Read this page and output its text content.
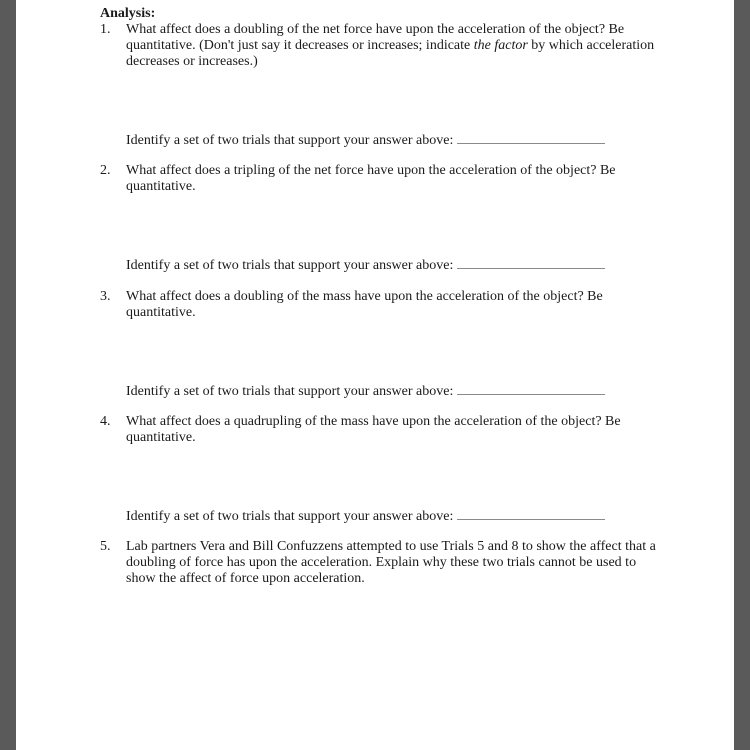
Analysis:
1. What affect does a doubling of the net force have upon the acceleration of the object? Be quantitative. (Don't just say it decreases or increases; indicate the factor by which acceleration decreases or increases.)
Identify a set of two trials that support your answer above:
2. What affect does a tripling of the net force have upon the acceleration of the object? Be quantitative.
Identify a set of two trials that support your answer above:
3. What affect does a doubling of the mass have upon the acceleration of the object? Be quantitative.
Identify a set of two trials that support your answer above:
4. What affect does a quadrupling of the mass have upon the acceleration of the object? Be quantitative.
Identify a set of two trials that support your answer above:
5. Lab partners Vera and Bill Confuzzens attempted to use Trials 5 and 8 to show the affect that a doubling of force has upon the acceleration. Explain why these two trials cannot be used to show the affect of force upon acceleration.
